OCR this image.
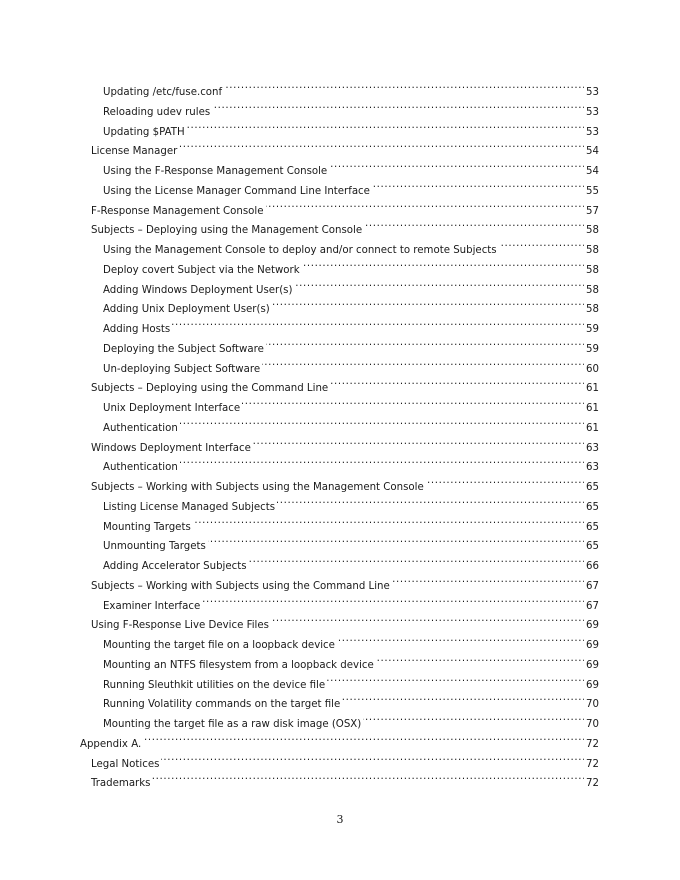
Updating /etc/fuse.conf . . .	53
Reloading udev rules . . .	53
Updating $PATH . . .	53
License Manager . . .	54
Using the F-Response Management Console . . .	54
Using the License Manager Command Line Interface . . .	55
F-Response Management Console . . .	57
Subjects – Deploying using the Management Console . . .	58
Using the Management Console to deploy and/or connect to remote Subjects . . .	58
Deploy covert Subject via the Network . . .	58
Adding Windows Deployment User(s) . . .	58
Adding Unix Deployment User(s) . . .	58
Adding Hosts . . .	59
Deploying the Subject Software . . .	59
Un-deploying Subject Software . . .	60
Subjects – Deploying using the Command Line . . .	61
Unix Deployment Interface . . .	61
Authentication . . .	61
Windows Deployment Interface . . .	63
Authentication . . .	63
Subjects – Working with Subjects using the Management Console . . .	65
Listing License Managed Subjects . . .	65
Mounting Targets . . .	65
Unmounting Targets . . .	65
Adding Accelerator Subjects . . .	66
Subjects – Working with Subjects using the Command Line . . .	67
Examiner Interface . . .	67
Using F-Response Live Device Files . . .	69
Mounting the target file on a loopback device . . .	69
Mounting an NTFS filesystem from a loopback device . . .	69
Running Sleuthkit utilities on the device file . . .	69
Running Volatility commands on the target file . . .	70
Mounting the target file as a raw disk image (OSX) . . .	70
Appendix A. . . .	72
Legal Notices . . .	72
Trademarks . . .	72
3
